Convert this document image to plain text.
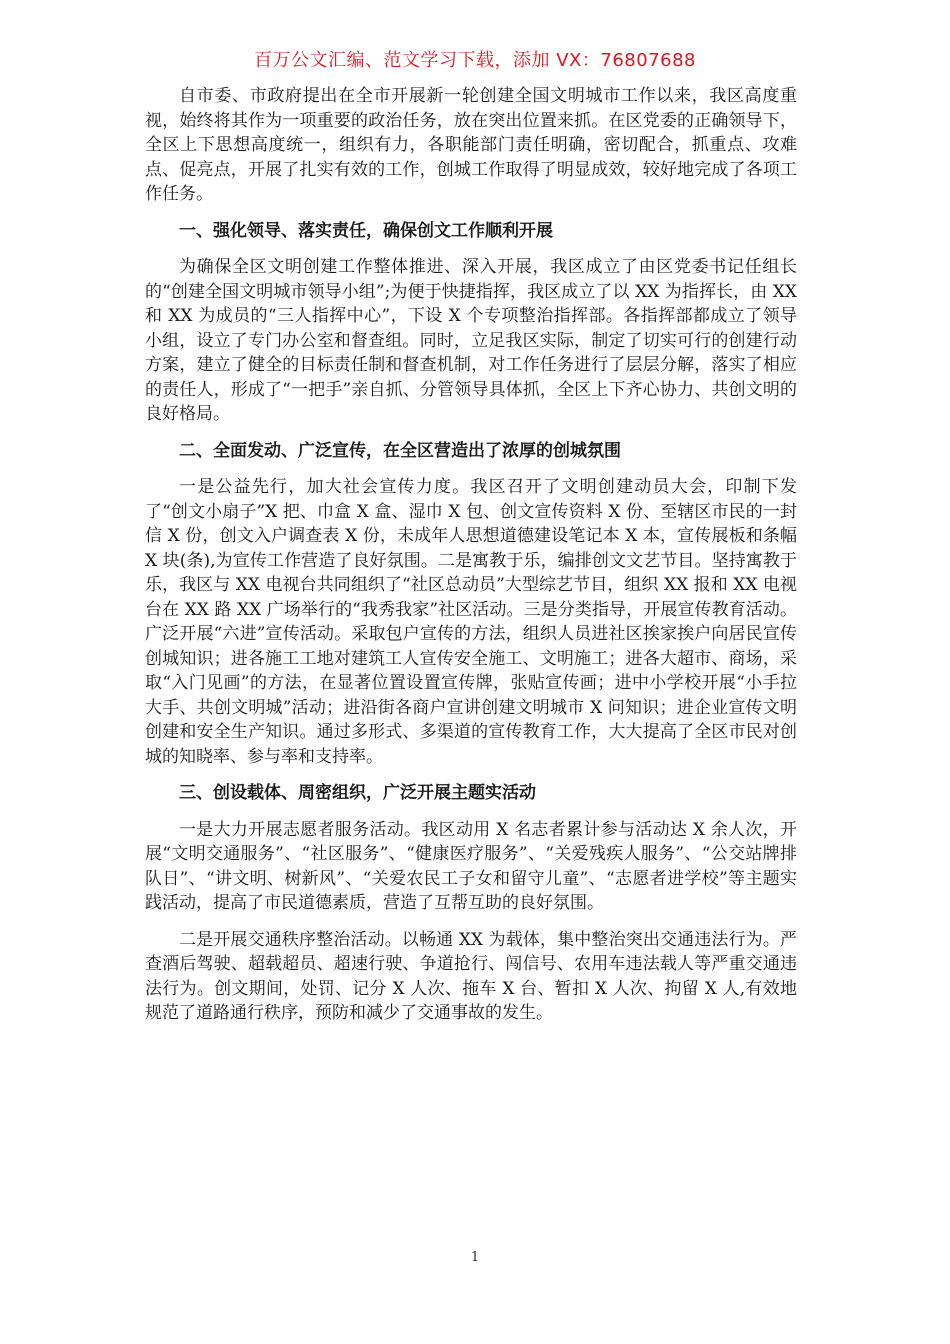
百万公文汇编、范文学习下载，添加 VX：76807688

自市委、市政府提出在全市开展新一轮创建全国文明城市工作以来，我区高度重视，始终将其作为一项重要的政治任务，放在突出位置来抓。在区党委的正确领导下，全区上下思想高度统一，组织有力，各职能部门责任明确，密切配合，抓重点、攻难点、促亮点，开展了扎实有效的工作，创城工作取得了明显成效，较好地完成了各项工作任务。

一、强化领导、落实责任，确保创文工作顺利开展

为确保全区文明创建工作整体推进、深入开展，我区成立了由区党委书记任组长的“创建全国文明城市领导小组”;为便于快捷指挥，我区成立了以 XX 为指挥长，由 XX 和 XX 为成员的“三人指挥中心”，下设 X 个专项整治指挥部。各指挥部都成立了领导小组，设立了专门办公室和督查组。同时，立足我区实际，制定了切实可行的创建行动方案，建立了健全的目标责任制和督查机制，对工作任务进行了层层分解，落实了相应的责任人，形成了“一把手”亲自抓、分管领导具体抓，全区上下齐心协力、共创文明的良好格局。

二、全面发动、广泛宣传，在全区营造出了浓厚的创城氛围

一是公益先行，加大社会宣传力度。我区召开了文明创建动员大会，印制下发了“创文小扇子”X 把、巾盒 X 盒、湿巾 X 包、创文宣传资料 X 份、至辖区市民的一封信 X 份，创文入户调查表 X 份，未成年人思想道德建设笔记本 X 本，宣传展板和条幅 X 块(条),为宣传工作营造了良好氛围。二是寓教于乐，编排创文文艺节目。坚持寓教于乐，我区与 XX 电视台共同组织了“社区总动员”大型综艺节目，组织 XX 报和 XX 电视台在 XX 路 XX 广场举行的“我秀我家”社区活动。三是分类指导，开展宣传教育活动。广泛开展“六进”宣传活动。采取包户宣传的方法，组织人员进社区挨家挨户向居民宣传创城知识；进各施工工地对建筑工人宣传安全施工、文明施工；进各大超市、商场，采取“入门见画”的方法，在显著位置设置宣传牌，张贴宣传画；进中小学校开展“小手拉大手、共创文明城”活动；进沿街各商户宣讲创建文明城市 X 问知识；进企业宣传文明创建和安全生产知识。通过多形式、多渠道的宣传教育工作，大大提高了全区市民对创城的知晓率、参与率和支持率。

三、创设载体、周密组织，广泛开展主题实活动

一是大力开展志愿者服务活动。我区动用 X 名志者累计参与活动达 X 余人次，开展“文明交通服务”、“社区服务”、“健康医疗服务”、“关爱残疾人服务”、“公交站牌排队日”、“讲文明、树新风”、“关爱农民工子女和留守儿童”、“志愿者进学校”等主题实践活动，提高了市民道德素质，营造了互帮互助的良好氛围。

二是开展交通秩序整治活动。以畅通 XX 为载体，集中整治突出交通违法行为。严查酒后驾驶、超载超员、超速行驶、争道抢行、闯信号、农用车违法载人等严重交通违法行为。创文期间，处罚、记分 X 人次、拖车 X 台、暂扣 X 人次、拘留 X 人,有效地规范了道路通行秩序，预防和减少了交通事故的发生。

1
